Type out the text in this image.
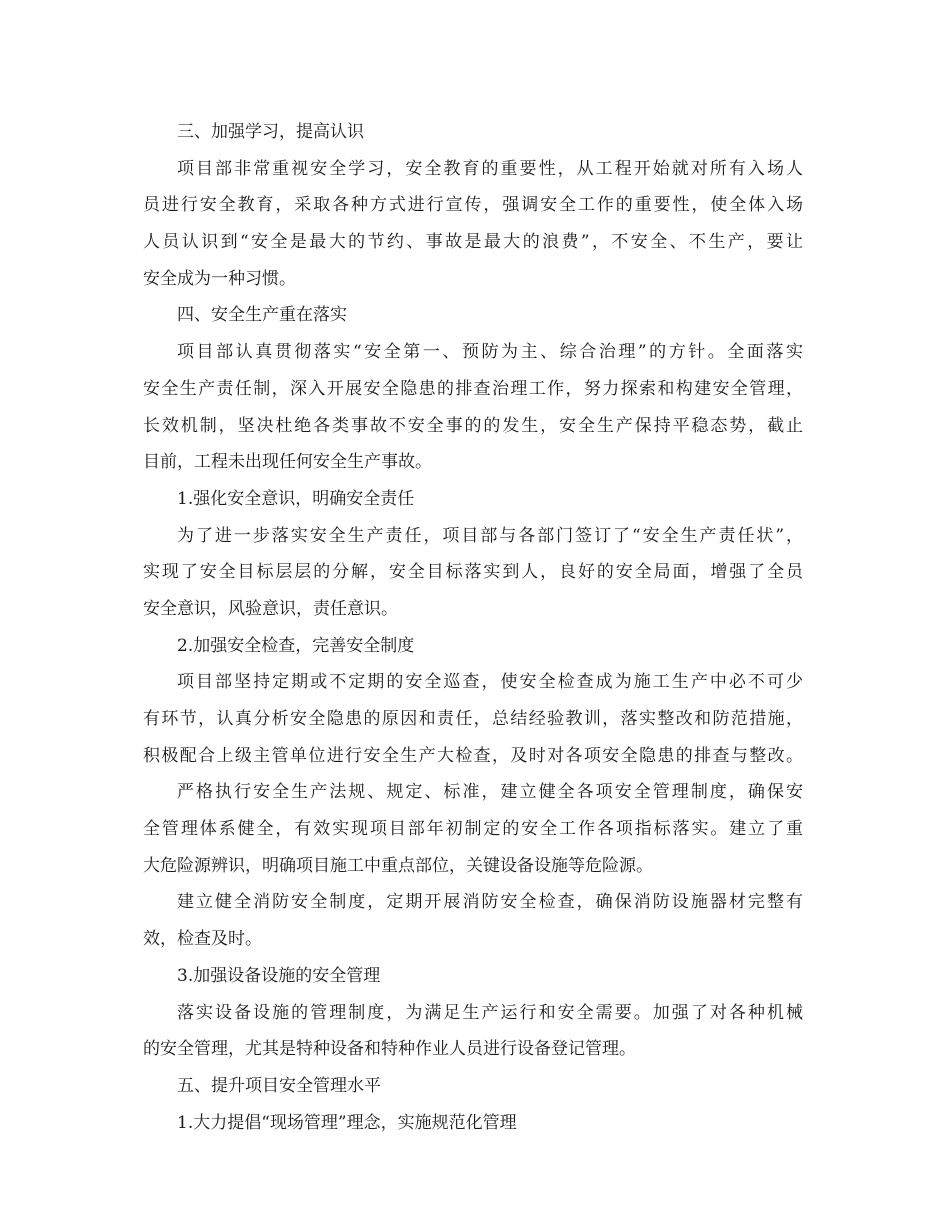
三、加强学习，提高认识
项目部非常重视安全学习，安全教育的重要性，从工程开始就对所有入场人
员进行安全教育，采取各种方式进行宣传，强调安全工作的重要性，使全体入场
人员认识到“安全是最大的节约、事故是最大的浪费”，不安全、不生产，要让
安全成为一种习惯。
四、安全生产重在落实
项目部认真贯彻落实“安全第一、预防为主、综合治理”的方针。全面落实
安全生产责任制，深入开展安全隐患的排查治理工作，努力探索和构建安全管理，
长效机制，坚决杜绝各类事故不安全事的的发生，安全生产保持平稳态势，截止
目前，工程未出现任何安全生产事故。
1.强化安全意识，明确安全责任
为了进一步落实安全生产责任，项目部与各部门签订了“安全生产责任状”，
实现了安全目标层层的分解，安全目标落实到人，良好的安全局面，增强了全员
安全意识，风验意识，责任意识。
2.加强安全检查，完善安全制度
项目部坚持定期或不定期的安全巡查，使安全检查成为施工生产中必不可少
有环节，认真分析安全隐患的原因和责任，总结经验教训，落实整改和防范措施，
积极配合上级主管单位进行安全生产大检查，及时对各项安全隐患的排查与整改。
严格执行安全生产法规、规定、标准，建立健全各项安全管理制度，确保安
全管理体系健全，有效实现项目部年初制定的安全工作各项指标落实。建立了重
大危险源辨识，明确项目施工中重点部位，关键设备设施等危险源。
建立健全消防安全制度，定期开展消防安全检查，确保消防设施器材完整有
效，检查及时。
3.加强设备设施的安全管理
落实设备设施的管理制度，为满足生产运行和安全需要。加强了对各种机械
的安全管理，尤其是特种设备和特种作业人员进行设备登记管理。
五、提升项目安全管理水平
1.大力提倡“现场管理”理念，实施规范化管理
